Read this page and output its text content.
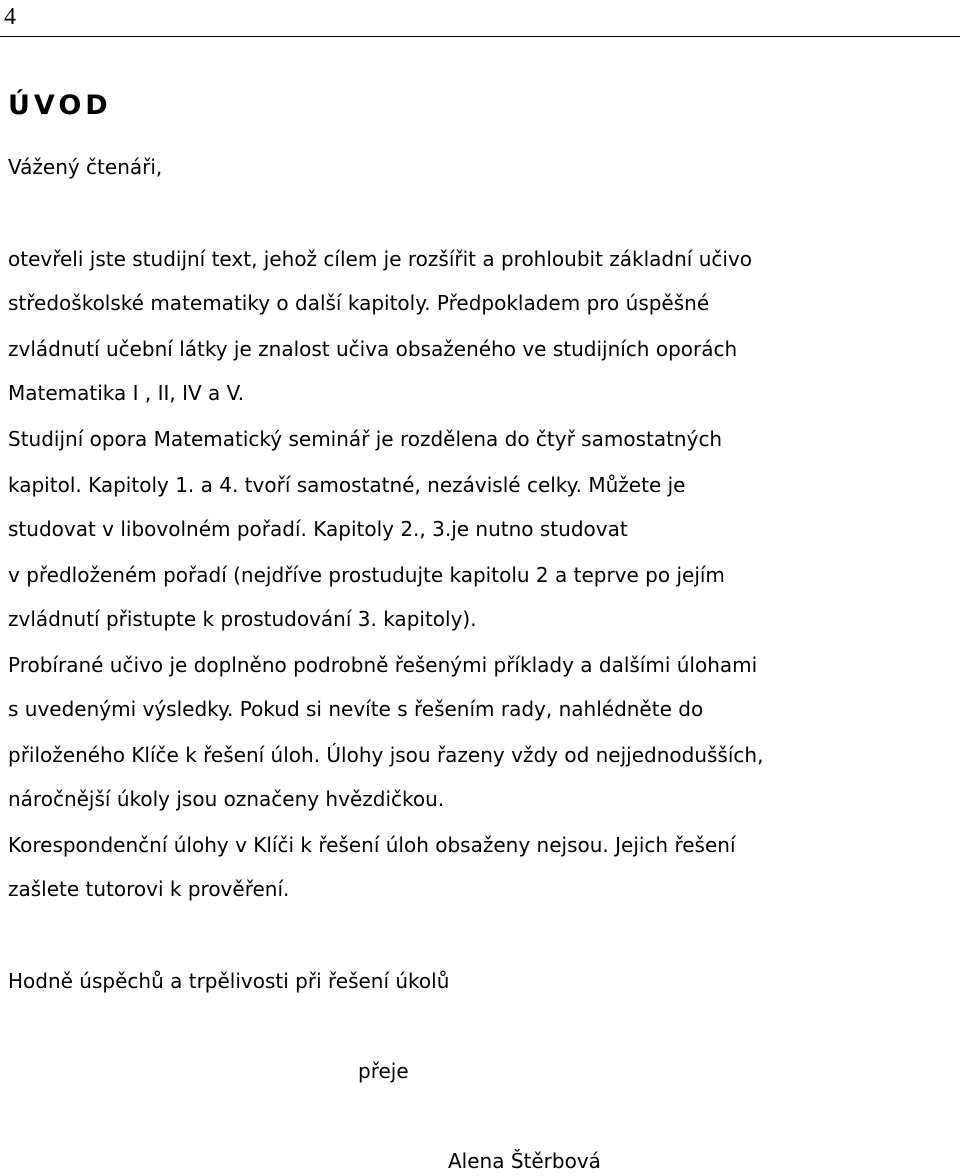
4
ÚVOD

Vážený čtenáři,

otevřeli jste studijní text, jehož cílem je rozšířit a prohloubit základní učivo

středoškolské matematiky o další kapitoly. Předpokladem pro úspěšné

zvládnutí učební látky je znalost učiva obsaženého ve studijních oporách

Matematika I , II, IV a V.

Studijní opora Matematický seminář je rozdělena do čtyř samostatných

kapitol. Kapitoly 1. a 4. tvoří samostatné, nezávislé celky. Můžete je

studovat v libovolném pořadí. Kapitoly 2., 3.je nutno studovat

v předloženém pořadí (nejdříve prostudujte kapitolu 2 a teprve po jejím

zvládnutí přistupte k prostudování 3. kapitoly).

Probírané učivo je doplněno podrobně řešenými příklady a dalšími úlohami

s uvedenými výsledky. Pokud si nevíte s řešením rady, nahlédněte do

přiloženého Klíče k řešení úloh. Úlohy jsou řazeny vždy od nejjednodušších,

náročnější úkoly jsou označeny hvězdičkou.

Korespondenční úlohy v Klíči k řešení úloh obsaženy nejsou. Jejich řešení

zašlete tutorovi k prověření.

Hodně úspěchů a trpělivosti při řešení úkolů

přeje

Alena Štěrbová
